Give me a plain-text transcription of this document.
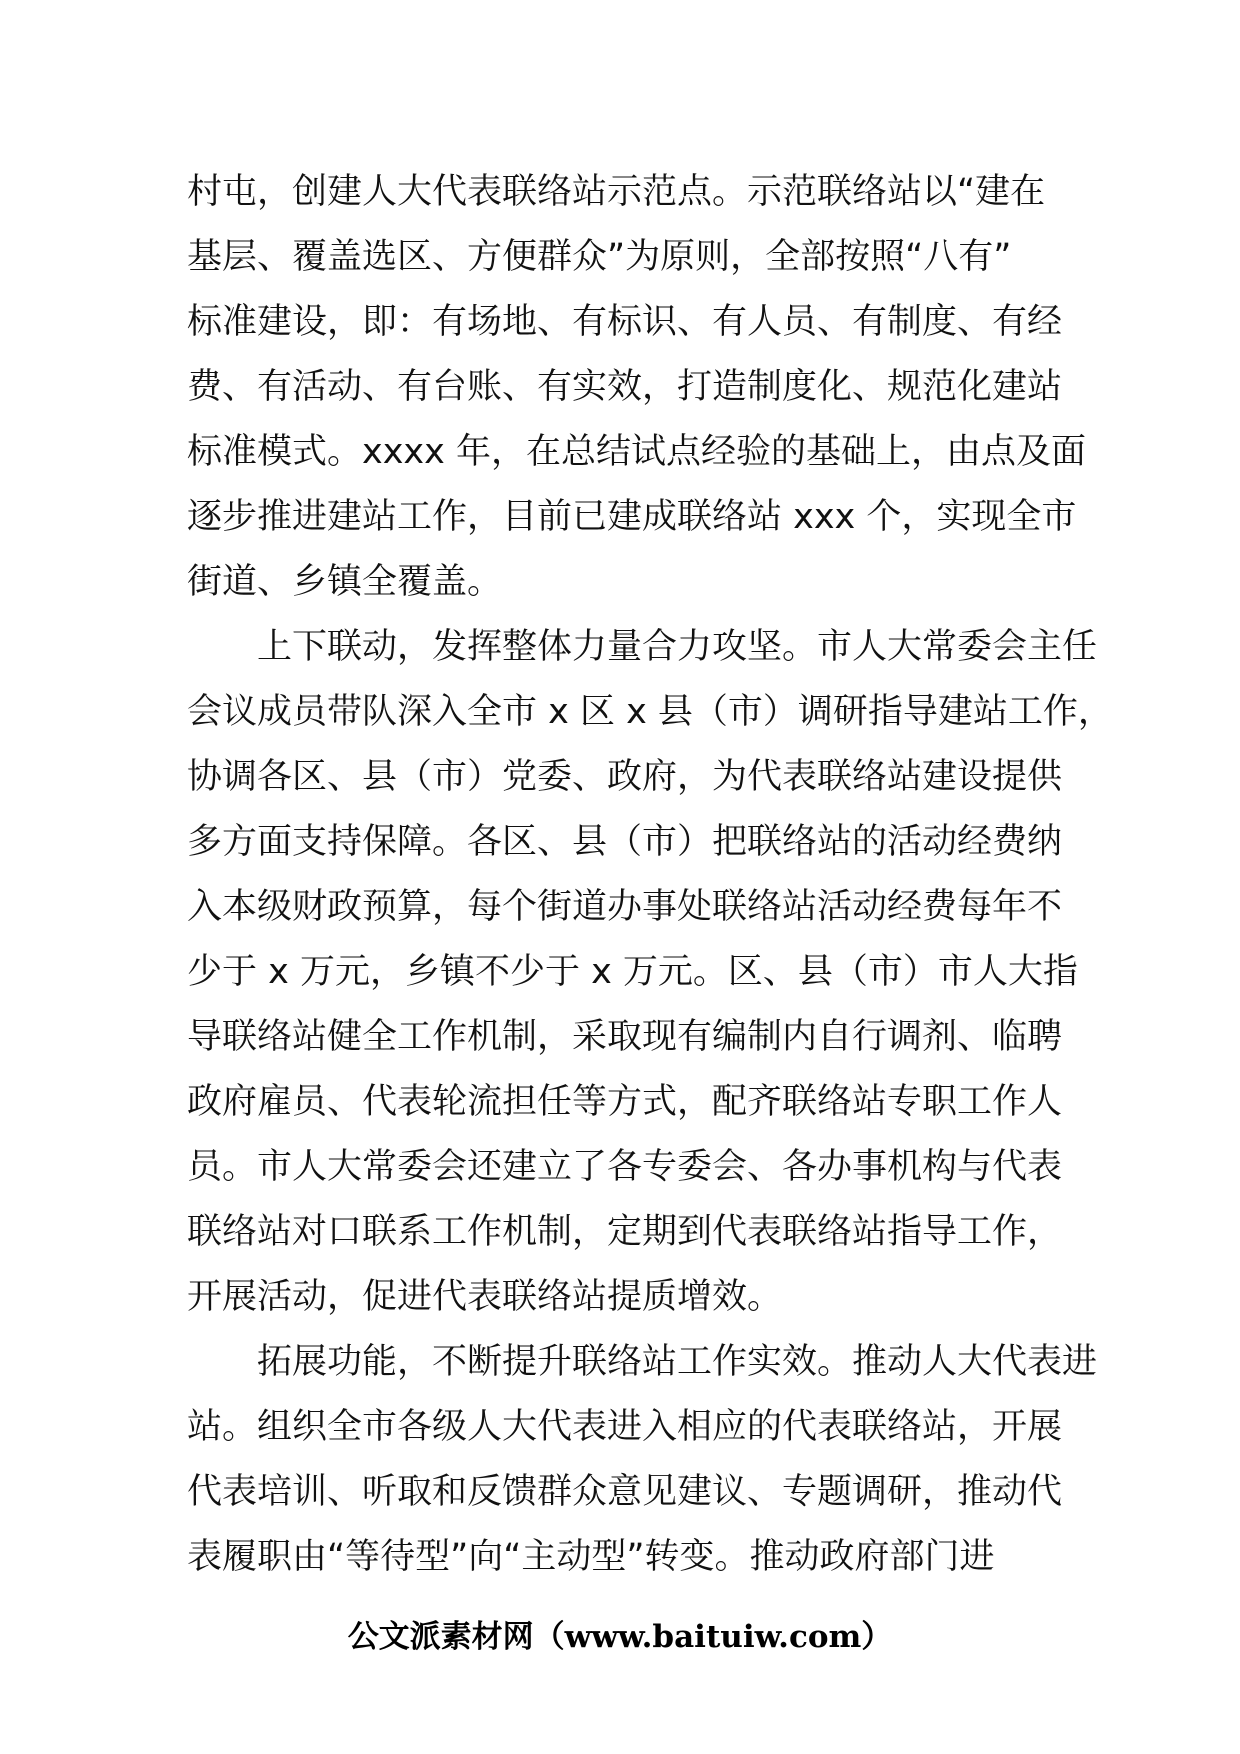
村屯，创建人大代表联络站示范点。示范联络站以“建在
基层、覆盖选区、方便群众”为原则，全部按照“八有”
标准建设，即：有场地、有标识、有人员、有制度、有经
费、有活动、有台账、有实效，打造制度化、规范化建站
标准模式。xxxx 年，在总结试点经验的基础上，由点及面
逐步推进建站工作，目前已建成联络站 xxx 个，实现全市
街道、乡镇全覆盖。
　　上下联动，发挥整体力量合力攻坚。市人大常委会主任
会议成员带队深入全市 x 区 x 县（市）调研指导建站工作，
协调各区、县（市）党委、政府，为代表联络站建设提供
多方面支持保障。各区、县（市）把联络站的活动经费纳
入本级财政预算，每个街道办事处联络站活动经费每年不
少于 x 万元，乡镇不少于 x 万元。区、县（市）市人大指
导联络站健全工作机制，采取现有编制内自行调剂、临聘
政府雇员、代表轮流担任等方式，配齐联络站专职工作人
员。市人大常委会还建立了各专委会、各办事机构与代表
联络站对口联系工作机制，定期到代表联络站指导工作，
开展活动，促进代表联络站提质增效。
　　拓展功能，不断提升联络站工作实效。推动人大代表进
站。组织全市各级人大代表进入相应的代表联络站，开展
代表培训、听取和反馈群众意见建议、专题调研，推动代
表履职由“等待型”向“主动型”转变。推动政府部门进
公文派素材网（www.baituiw.com）
